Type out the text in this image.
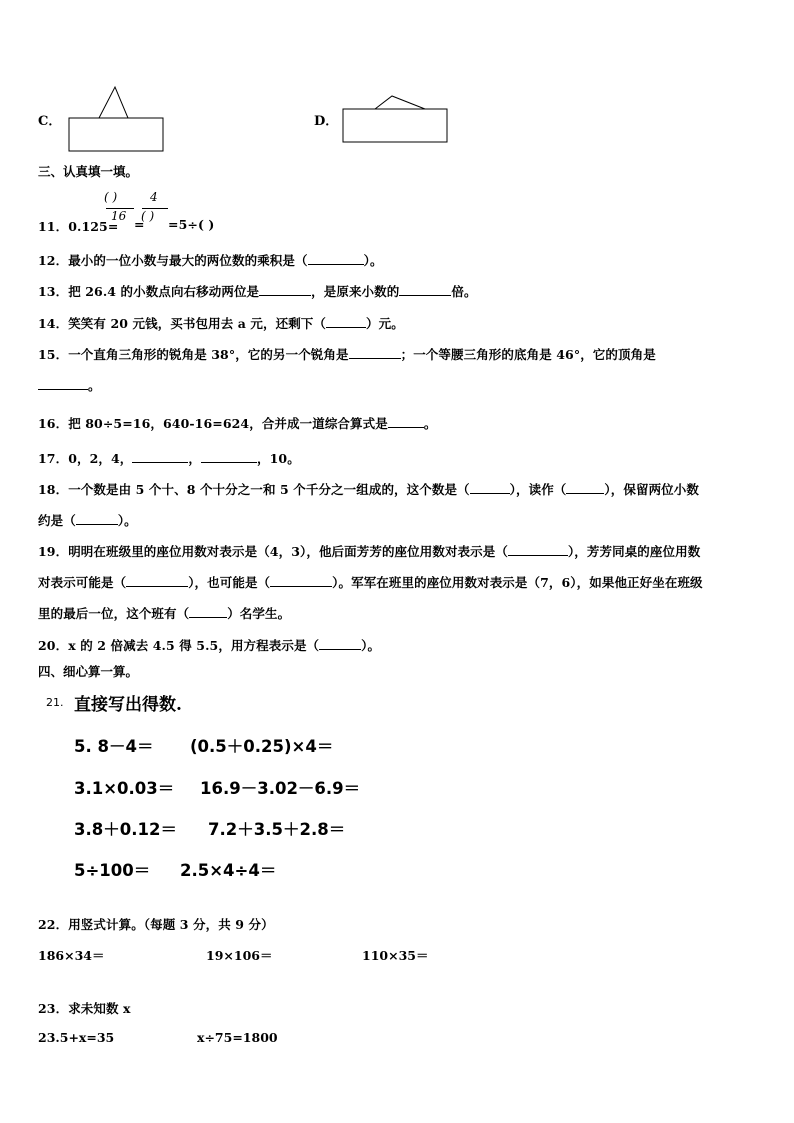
C．	D．
三、认真填一填。
( )
16
4
( )
11．0.125= = =5÷( )
12．最小的一位小数与最大的两位数的乘积是（	）。
13．把 26.4 的小数点向右移动两位是	，是原来小数的	倍。
14．笑笑有 20 元钱，买书包用去 a 元，还剩下（	）元。
15．一个直角三角形的锐角是 38°，它的另一个锐角是	；一个等腰三角形的底角是 46°，它的顶角是
。
16．把 80÷5=16，640-16=624，合并成一道综合算式是	。
17．0，2，4，	，	，10。
18．一个数是由 5 个十、8 个十分之一和 5 个千分之一组成的，这个数是（	），读作（	），保留两位小数
约是（	）。
19．明明在班级里的座位用数对表示是（4，3），他后面芳芳的座位用数对表示是（	），芳芳同桌的座位用数
对表示可能是（	），也可能是（	）。军军在班里的座位用数对表示是（7，6），如果他正好坐在班级
里的最后一位，这个班有（	）名学生。
20．x 的 2 倍减去 4.5 得 5.5，用方程表示是（	）。
四、细心算一算。
21. 直接写出得数.
5. 8－4＝ (0.5＋0.25)×4＝
3.1×0.03＝ 16.9－3.02－6.9＝
3.8＋0.12＝ 7.2＋3.5＋2.8＝
5÷100＝ 2.5×4÷4＝
22．用竖式计算。（每题 3 分，共 9 分）
186×34＝	19×106＝	110×35＝
23．求未知数 x
23.5+x=35	x÷75=1800
